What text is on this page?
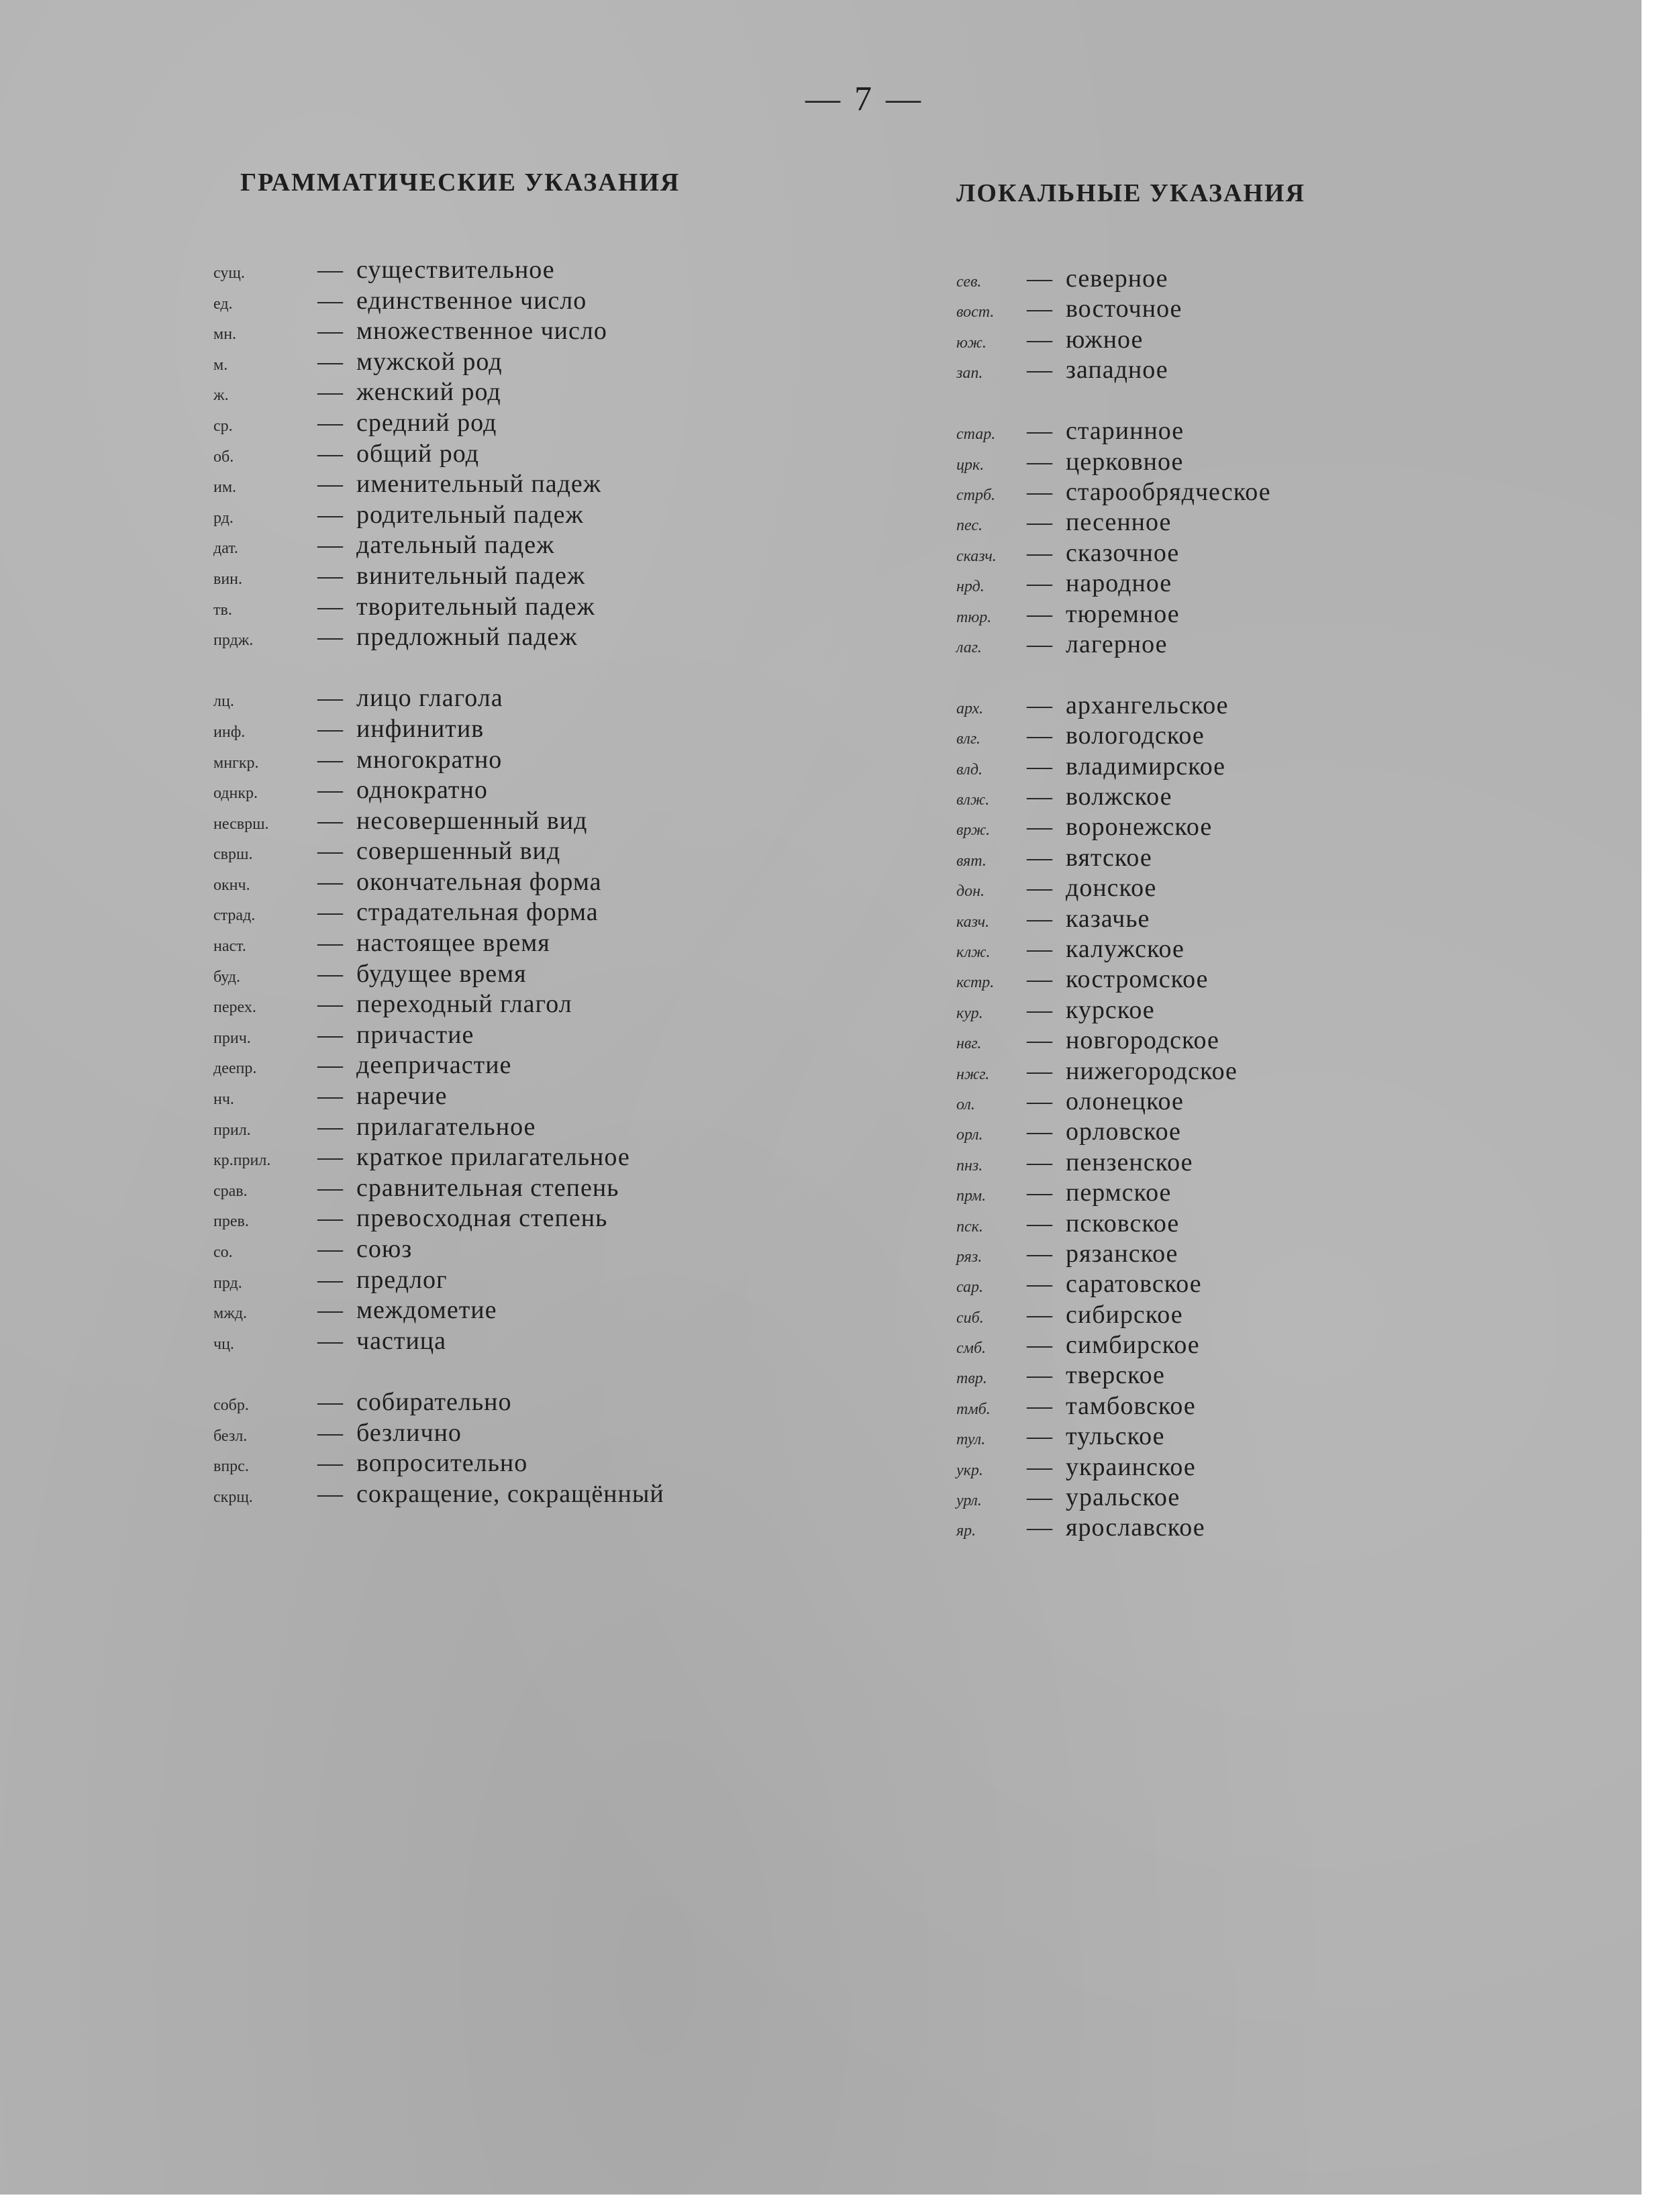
— 7 —
ГРАММАТИЧЕСКИЕ УКАЗАНИЯ	ЛОКАЛЬНЫЕ УКАЗАНИЯ
сущ.	— существительное
ед.	— единственное число
мн.	— множественное число
м.	— мужской род
ж.	— женский род
ср.	— средний род
об.	— общий род
им.	— именительный падеж
рд.	— родительный падеж
дат.	— дательный падеж
вин.	— винительный падеж
тв.	— творительный падеж
прдж.	— предложный падеж
лц.	— лицо глагола
инф.	— инфинитив
мнгкр.	— многократно
однкр.	— однократно
несврш.	— несовершенный вид
сврш.	— совершенный вид
окнч.	— окончательная форма
страд.	— страдательная форма
наст.	— настоящее время
буд.	— будущее время
перех.	— переходный глагол
прич.	— причастие
деепр.	— деепричастие
нч.	— наречие
прил.	— прилагательное
кр.прил.	— краткое прилагательное
срав.	— сравнительная степень
прев.	— превосходная степень
со.	— союз
прд.	— предлог
мжд.	— междометие
чц.	— частица
собр.	— собирательно
безл.	— безлично
впрс.	— вопросительно
скрщ.	— сокращение, сокращённый
сев.	— северное
вост.	— восточное
юж.	— южное
зап.	— западное
стар.	— старинное
црк.	— церковное
стрб.	— старообрядческое
пес.	— песенное
сказч.	— сказочное
нрд.	— народное
тюр.	— тюремное
лаг.	— лагерное
арх.	— архангельское
влг.	— вологодское
влд.	— владимирское
влж.	— волжское
врж.	— воронежское
вят.	— вятское
дон.	— донское
казч.	— казачье
клж.	— калужское
кстр.	— костромское
кур.	— курское
нвг.	— новгородское
нжг.	— нижегородское
ол.	— олонецкое
орл.	— орловское
пнз.	— пензенское
прм.	— пермское
пск.	— псковское
ряз.	— рязанское
сар.	— саратовское
сиб.	— сибирское
смб.	— симбирское
твр.	— тверское
тмб.	— тамбовское
тул.	— тульское
укр.	— украинское
урл.	— уральское
яр.	— ярославское
